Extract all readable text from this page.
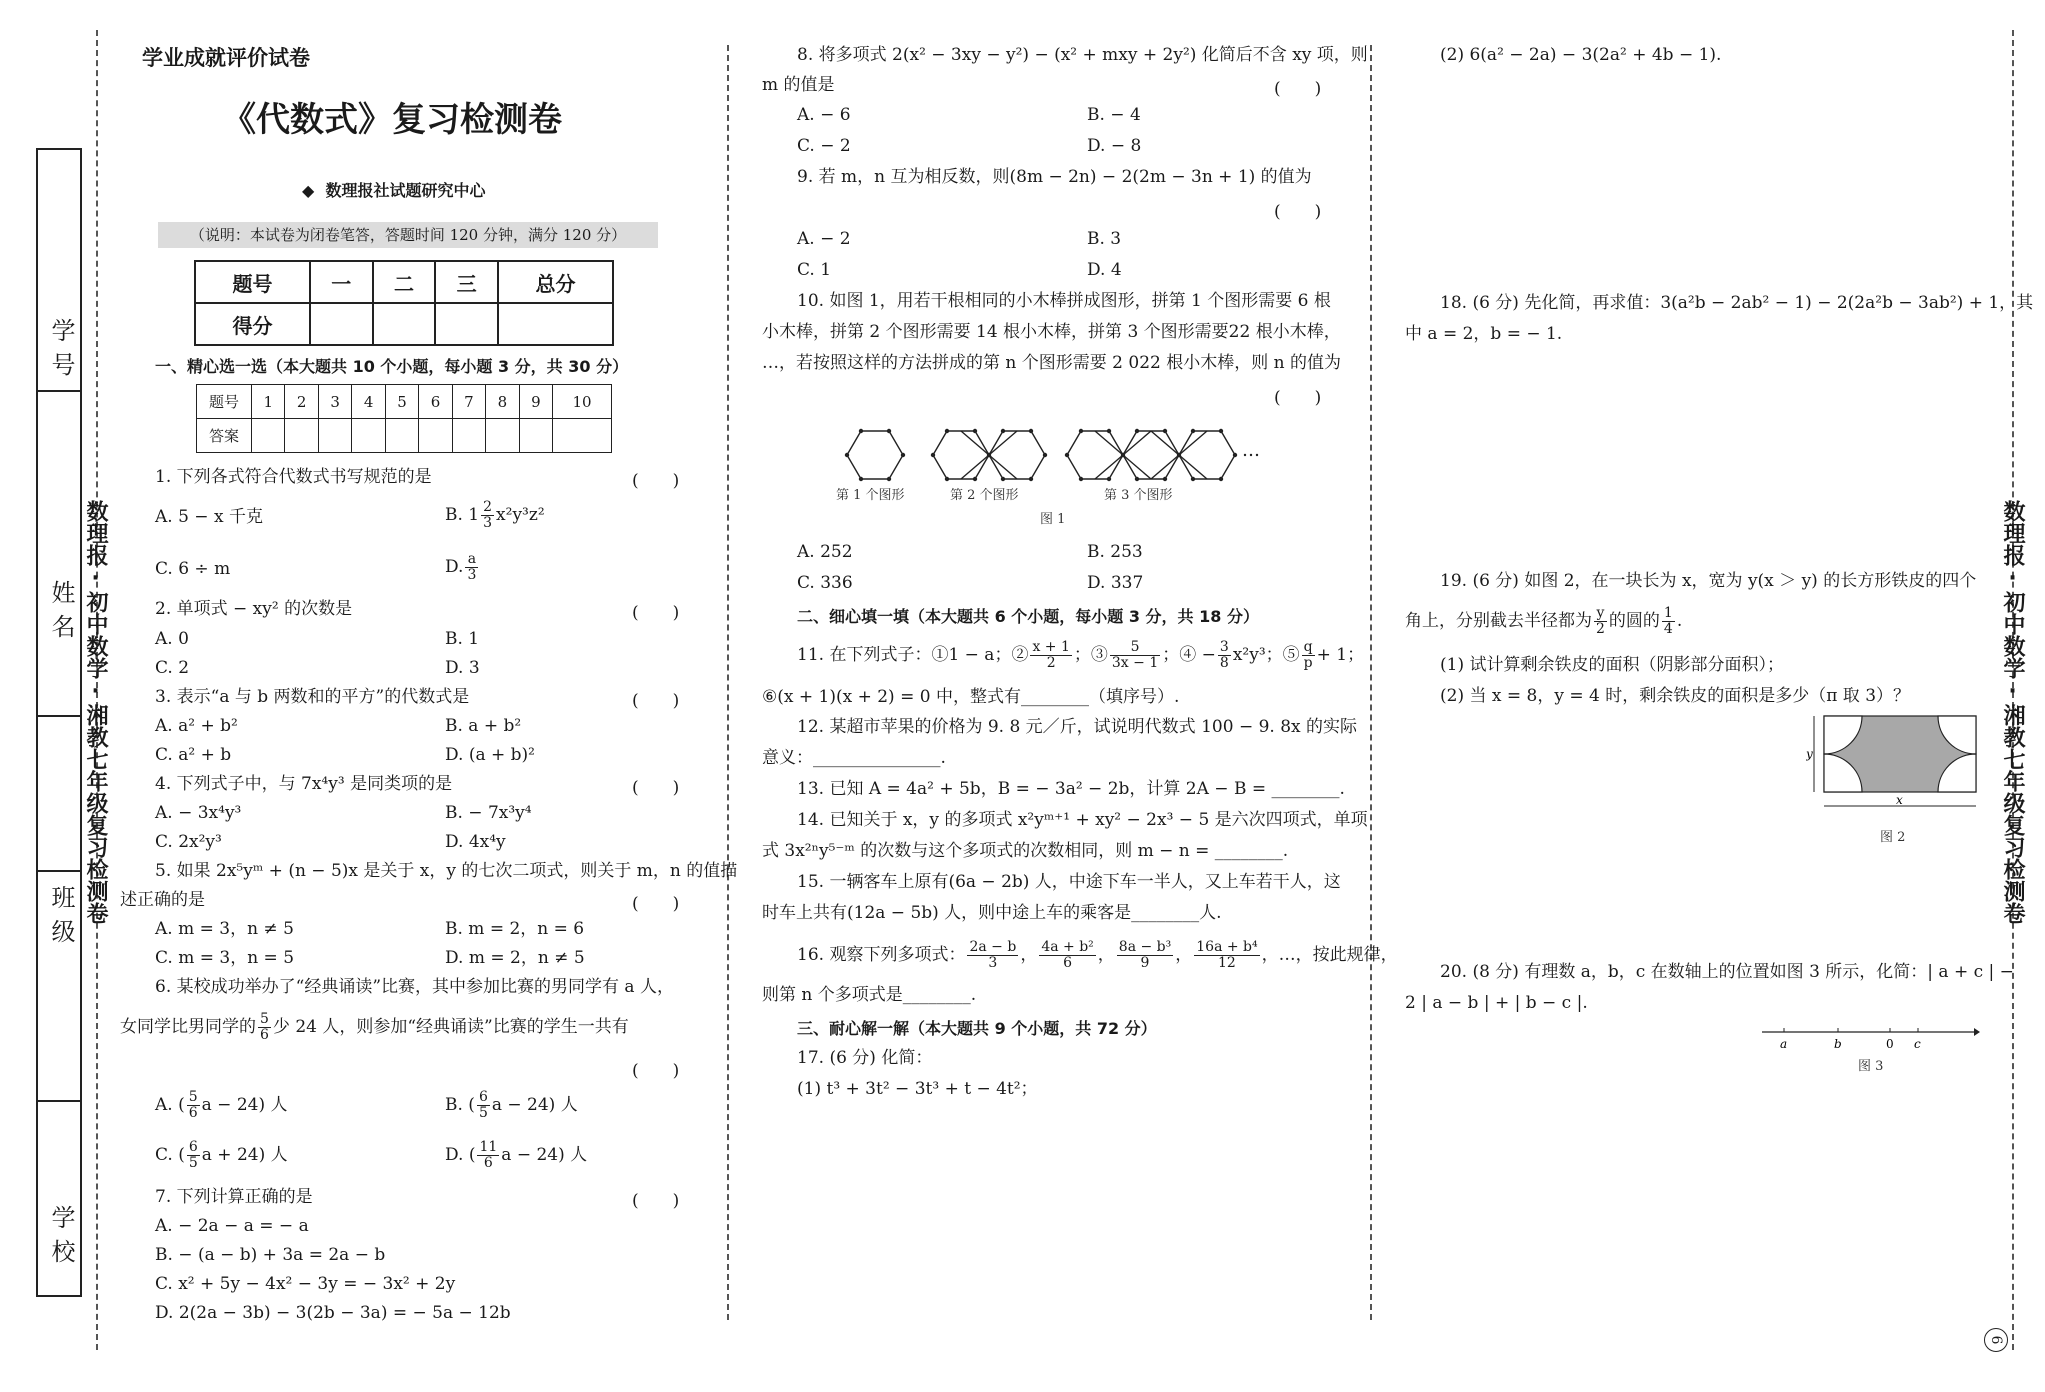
学号
姓名
班级
学校
数理报·初中数学·湘教七年级复习检测卷	数理报·初中数学·湘教七年级复习检测卷
6
学业成就评价试卷
《代数式》复习检测卷
◆  数理报社试题研究中心
（说明：本试卷为闭卷笔答，答题时间 120 分钟，满分 120 分）
题号	一	二	三	总分
得分				
一、精心选一选（本大题共 10 个小题，每小题 3 分，共 30 分）
题号	1	2	3	4	5	6	7	8	9	10
答案										
1. 下列各式符合代数式书写规范的是	(　　)
A. 5 − x 千克	B. $1 \frac{2}{3} x^2y^3z^2$
C. 6 ÷ m	D. $\frac{a}{3}$
2. 单项式 − xy² 的次数是	(　　)
A. 0	B. 1
C. 2	D. 3
3. 表示“a 与 b 两数和的平方”的代数式是	(　　)
A. a² + b²	B. a + b²
C. a² + b	D. (a + b)²
4. 下列式子中，与 7x⁴y³ 是同类项的是	(　　)
A. − 3x⁴y³	B. − 7x³y⁴
C. 2x²y³	D. 4x⁴y
5. 如果 2x⁵yᵐ + (n − 5)x 是关于 x，y 的七次二项式，则关于 m，n 的值描
述正确的是	(　　)
A. m = 3，n ≠ 5	B. m = 2，n = 6
C. m = 3，n = 5	D. m = 2，n ≠ 5
6. 某校成功举办了“经典诵读”比赛，其中参加比赛的男同学有 a 人，
女同学比男同学的 $\frac{5}{6}$ 少 24 人，则参加“经典诵读”比赛的学生一共有
(　　)
A. ( $\frac{5}{6}$ a − 24) 人	B. ( $\frac{6}{5}$ a − 24) 人
C. ( $\frac{6}{5}$ a + 24) 人	D. ( $\frac{11}{6}$ a − 24) 人
7. 下列计算正确的是	(　　)
A. − 2a − a = − a
B. − (a − b) + 3a = 2a − b
C. x² + 5y − 4x² − 3y = − 3x² + 2y
D. 2(2a − 3b) − 3(2b − 3a) = − 5a − 12b
8. 将多项式 2(x² − 3xy − y²) − (x² + mxy + 2y²) 化简后不含 xy 项，则
m 的值是	(　　)
A. − 6	B. − 4
C. − 2	D. − 8
9. 若 m，n 互为相反数，则(8m − 2n) − 2(2m − 3n + 1) 的值为
(　　)
A. − 2	B. 3
C. 1	D. 4
10. 如图 1，用若干根相同的小木棒拼成图形，拼第 1 个图形需要 6 根
小木棒，拼第 2 个图形需要 14 根小木棒，拼第 3 个图形需要22 根小木棒，
…，若按照这样的方法拼成的第 n 个图形需要 2 022 根小木棒，则 n 的值为
(　　)
第 1 个图形	第 2 个图形	第 3 个图形
图 1
A. 252	B. 253
C. 336	D. 337
二、细心填一填（本大题共 6 个小题，每小题 3 分，共 18 分）
11. 在下列式子：①1 − a；② $\frac{x + 1}{2}$ ；③ $\frac{5}{3x - 1}$ ；④ − $\frac{3}{8} x^2y^3$；⑤ $\frac{q}{p} + 1$；
⑥(x + 1)(x + 2) = 0 中，整式有________（填序号）.
12. 某超市苹果的价格为 9. 8 元／斤，试说明代数式 100 − 9. 8x 的实际
意义：_______________.
13. 已知 A = 4a² + 5b，B = − 3a² − 2b，计算 2A − B = ________.
14. 已知关于 x，y 的多项式 x²yᵐ⁺¹ + xy² − 2x³ − 5 是六次四项式，单项
式 3x²ⁿy⁵⁻ᵐ 的次数与这个多项式的次数相同，则 m − n = ________.
15. 一辆客车上原有(6a − 2b) 人，中途下车一半人，又上车若干人，这
时车上共有(12a − 5b) 人，则中途上车的乘客是________人.
16. 观察下列多项式： $\frac{2a - b}{3}$ ， $\frac{\text{4a + b²}}{6}$ ， $\frac{\text{8a − b³}}{9}$ ， $\frac{\text{16a + b⁴}}{12}$ ，…，按此规律，
则第 n 个多项式是________.
三、耐心解一解（本大题共 9 个小题，共 72 分）
17. (6 分) 化简：
(1) t³ + 3t² − 3t³ + t − 4t²；
(2) 6(a² − 2a) − 3(2a² + 4b − 1).
18. (6 分) 先化简，再求值：3(a²b − 2ab² − 1) − 2(2a²b − 3ab²) + 1，其
中 a = 2，b = − 1.
19. (6 分) 如图 2，在一块长为 x，宽为 y(x ＞ y) 的长方形铁皮的四个
角上，分别截去半径都为 $\frac{y}{2}$ 的圆的 $\frac{1}{4}$ .
(1) 试计算剩余铁皮的面积（阴影部分面积）；
(2) 当 x = 8，y = 4 时，剩余铁皮的面积是多少（π 取 3）？
y
x
图 2
20. (8 分) 有理数 a，b，c 在数轴上的位置如图 3 所示，化简：| a + c | −
2 | a − b | + | b − c |.
a	b	0 c
图 3
